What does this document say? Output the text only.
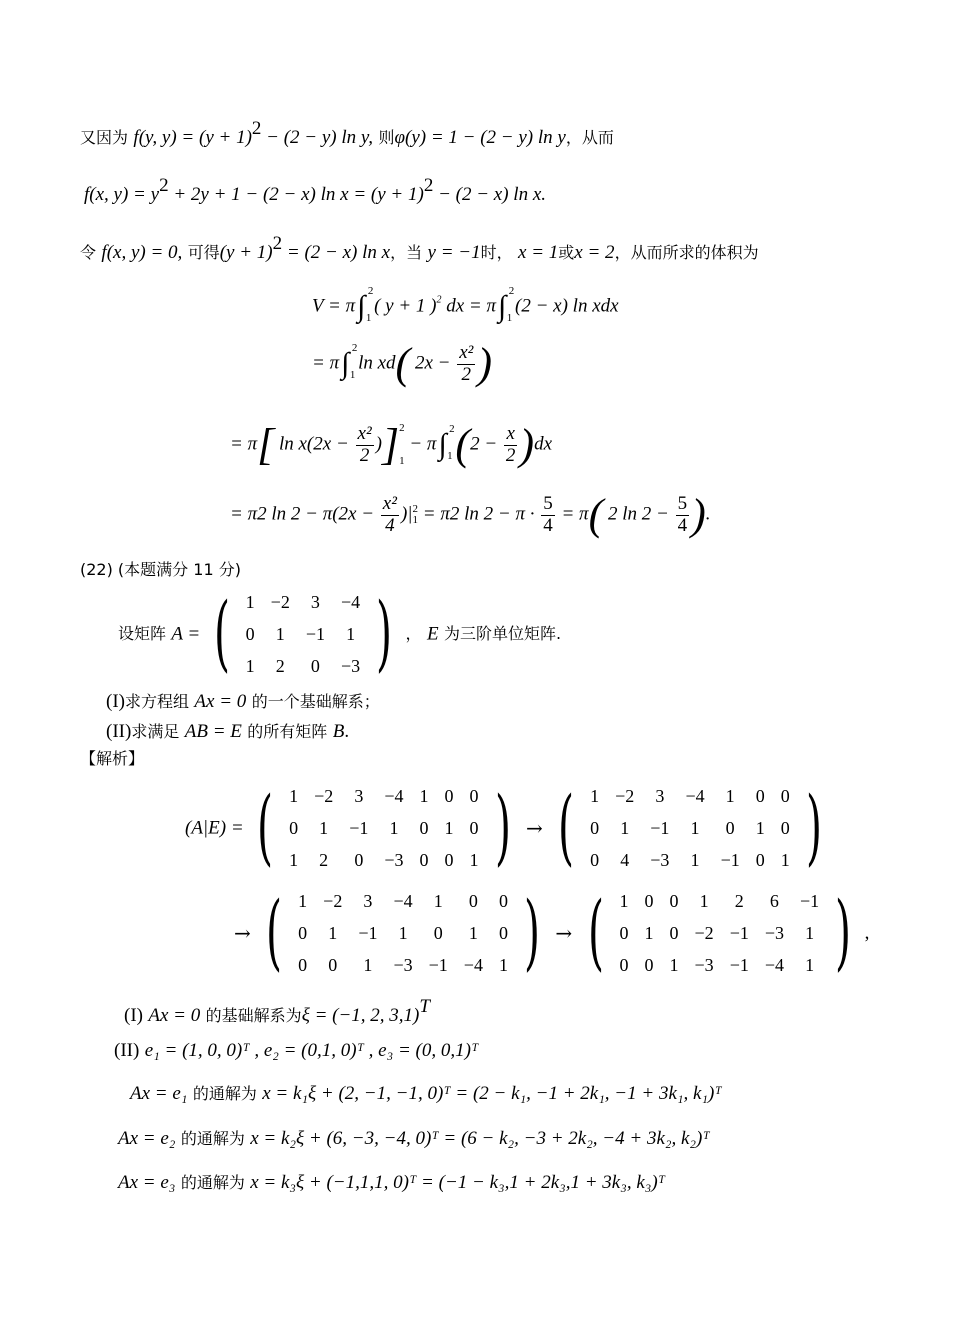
又因为 f(y, $y) = (y + 1)^2 - (2 - y)$ ln y, 则φ(y) = 1 − (2 − y) ln y，从而
f(x, $y) = y^2 + 2y + 1 - (2 - x)$ $\ln x = (y + 1)^2 - (2 - x)$ ln x.
令 f(x, y) = 0, 可得$(y + 1)^2 = (2 - x)$ ln x，当 y = −1时， x = 1或x = 2，从而所求的体积为
V = π∫ 2
1
( y + 1 )$^2$ dx = π∫ 2
1
(2 − x) ln xdx
= π∫ 2
1
ln xd( $2x - \frac{\text{x²}}{2}$ )
= π[ $\ln x(2x - \frac{\text{x²}}{2}$ )] 2
1
− π∫ 2
1 $(2 - \frac{x}{2} )dx$
= π2 $\ln 2 - \pi(2x - \frac{\text{x²}}{4}$ )| 2
1 = π2 $\ln 2 - \pi \cdot \frac{5}{4} = \pi$( 2 $\ln 2 - \frac{5}{4}$ ).
(22) (本题满分 11 分)
设矩阵 A = ( 1	−2	3	−4
0	1	−1	1
1	2	0	−3 ) ， E 为三阶单位矩阵.
(I)求方程组 Ax = 0 的一个基础解系；
(II)求满足 AB = E 的所有矩阵 B.
【解析】
(A|E) = ( 1	−2	3	−4	1	0	0
0	1	−1	1	0	1	0
1	2	0	−3	0	0	1 ) → ( 1	−2	3	−4	1	0	0
0	1	−1	1	0	1	0
0	4	−3	1	−1	0	1 )
→ ( 1	−2	3	−4	1	0	0
0	1	−1	1	0	1	0
0	0	1	−3	−1	−4	1 ) → ( 1	0	0	1	2	6	−1
0	1	0	−2	−1	−3	1
0	0	1	−3	−1	−4	1 ) ,
(I) Ax = 0 的基础解系为ξ = (−1, 2, 3,1)$^T$
(II) e₁ = (1, 0, 0)ᵀ , e₂ = (0,1, 0)ᵀ , e₃ = (0, 0,1)ᵀ
Ax = e₁ 的通解为 x = k₁ξ + (2, −1, −1, 0)ᵀ = (2 − k₁, −1 + 2k₁, −1 + 3k₁, k₁)ᵀ
Ax = e₂ 的通解为 x = k₂ξ + (6, −3, −4, 0)ᵀ = (6 − k₂, −3 + 2k₂, −4 + 3k₂, k₂)ᵀ
Ax = e₃ 的通解为 x = k₃ξ + (−1,1,1, 0)ᵀ = (−1 − k₃,1 + 2k₃,1 + 3k₃, k₃)ᵀ
